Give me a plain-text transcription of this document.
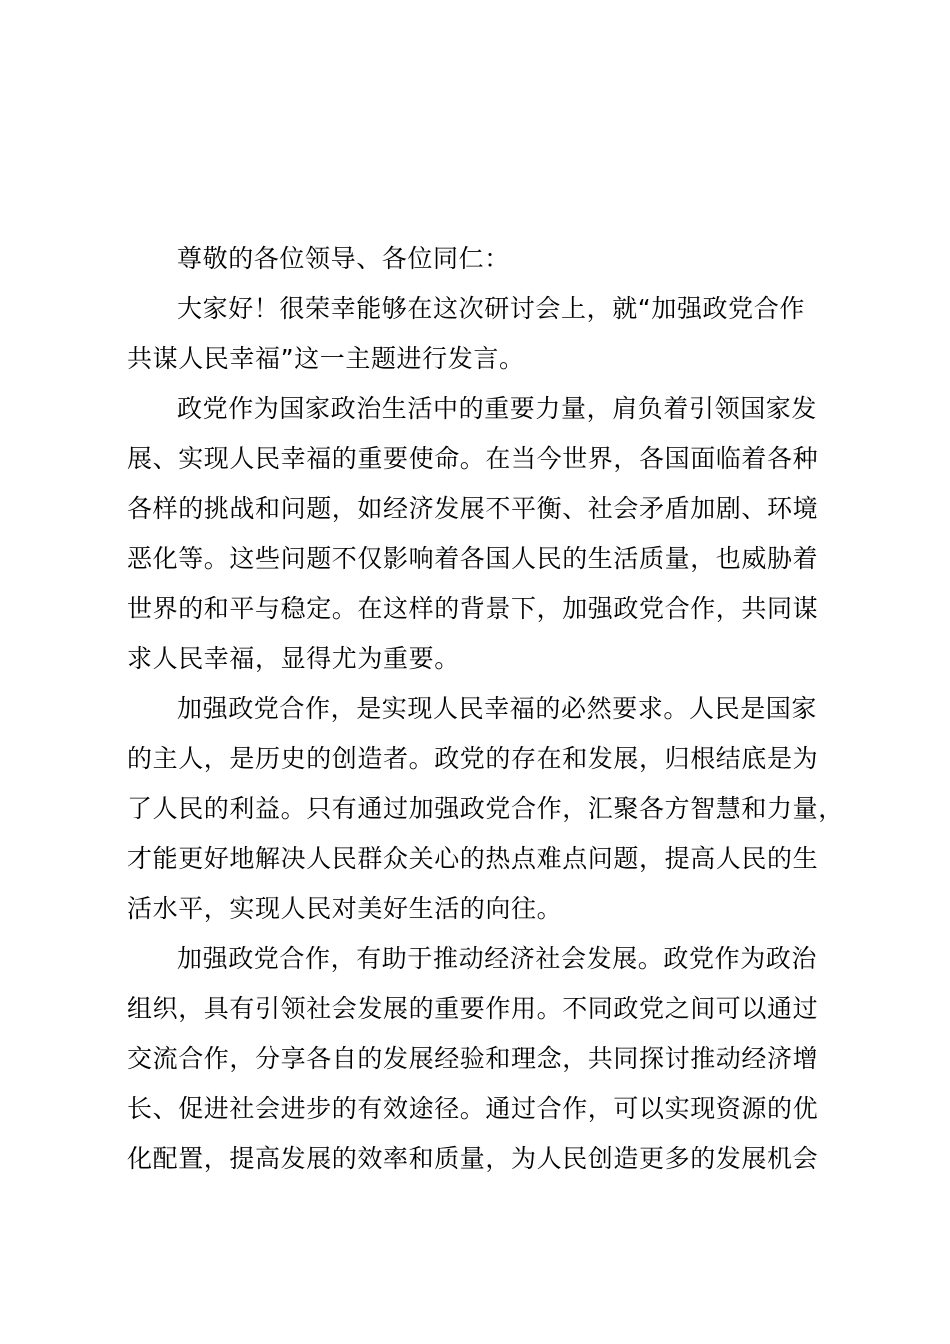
尊敬的各位领导、各位同仁：

大家好！很荣幸能够在这次研讨会上，就“加强政党合作
共谋人民幸福”这一主题进行发言。

政党作为国家政治生活中的重要力量，肩负着引领国家发
展、实现人民幸福的重要使命。在当今世界，各国面临着各种
各样的挑战和问题，如经济发展不平衡、社会矛盾加剧、环境
恶化等。这些问题不仅影响着各国人民的生活质量，也威胁着
世界的和平与稳定。在这样的背景下，加强政党合作，共同谋
求人民幸福，显得尤为重要。

加强政党合作，是实现人民幸福的必然要求。人民是国家
的主人，是历史的创造者。政党的存在和发展，归根结底是为
了人民的利益。只有通过加强政党合作，汇聚各方智慧和力量，
才能更好地解决人民群众关心的热点难点问题，提高人民的生
活水平，实现人民对美好生活的向往。

加强政党合作，有助于推动经济社会发展。政党作为政治
组织，具有引领社会发展的重要作用。不同政党之间可以通过
交流合作，分享各自的发展经验和理念，共同探讨推动经济增
长、促进社会进步的有效途径。通过合作，可以实现资源的优
化配置，提高发展的效率和质量，为人民创造更多的发展机会
